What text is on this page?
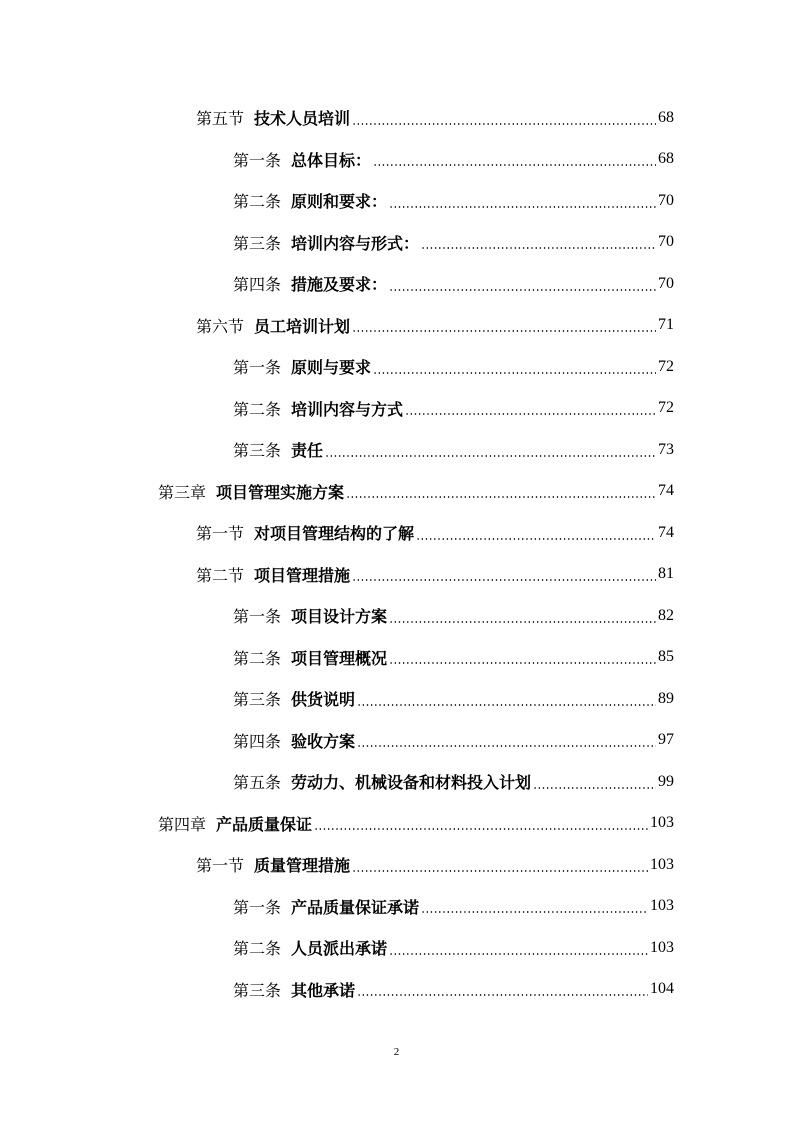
第五节 技术人员培训	68
第一条 总体目标：	68
第二条 原则和要求：	70
第三条 培训内容与形式：	70
第四条 措施及要求：	70
第六节 员工培训计划	71
第一条 原则与要求	72
第二条 培训内容与方式	72
第三条 责任	73
第三章 项目管理实施方案	74
第一节 对项目管理结构的了解	74
第二节 项目管理措施	81
第一条 项目设计方案	82
第二条 项目管理概况	85
第三条 供货说明	89
第四条 验收方案	97
第五条 劳动力、机械设备和材料投入计划	99
第四章 产品质量保证	103
第一节 质量管理措施	103
第一条 产品质量保证承诺	103
第二条 人员派出承诺	103
第三条 其他承诺	104
2
